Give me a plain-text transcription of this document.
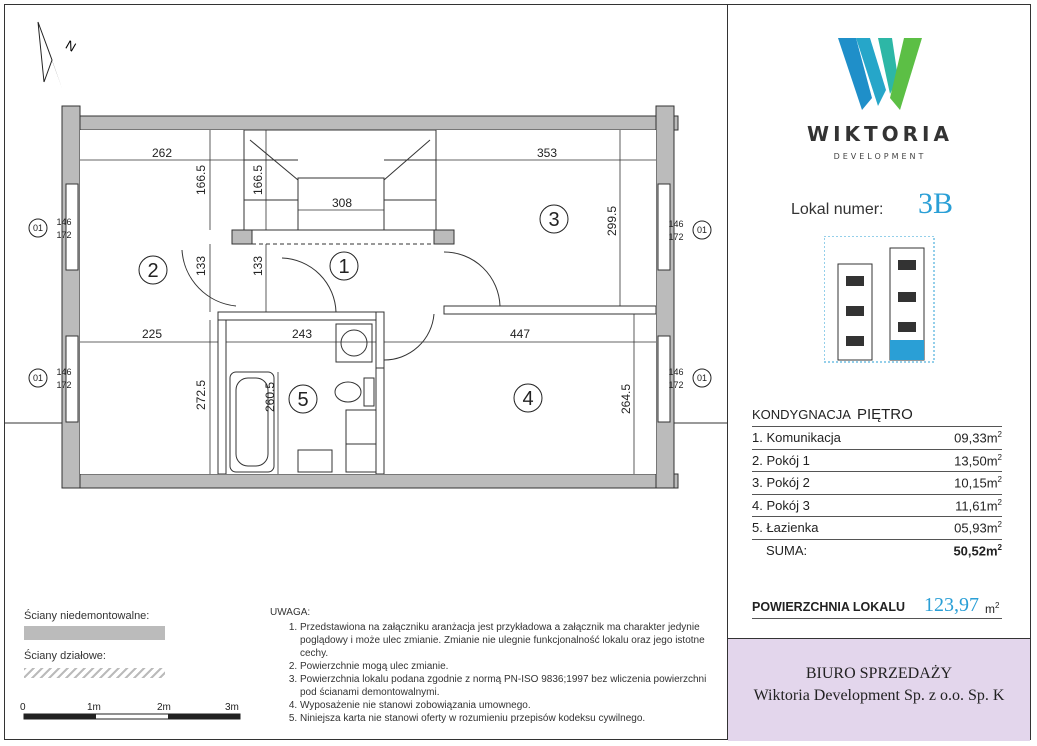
N
262	353
308
166.5	166.5
299.5
133	133
225	243	447
272.5	260.5	264.5
1
2
3
4
5
01
01
01
01
146
172
146
172
146
172
146
172
Ściany niedemontowalne:
Ściany działowe:
0	1m	2m	3m
UWAGA:
1. Przedstawiona na załączniku aranżacja jest przykładowa a załącznik ma charakter jedynie poglądowy i może ulec zmianie. Zmianie nie ulegnie funkcjonalność lokalu oraz jego istotne cechy.
2. Powierzchnie mogą ulec zmianie.
3. Powierzchnia lokalu podana zgodnie z normą PN-ISO 9836;1997 bez wliczenia powierzchni pod ścianami demontowalnymi.
4. Wyposażenie nie stanowi zobowiązania umownego.
5. Niniejsza karta nie stanowi oferty w rozumieniu przepisów kodeksu cywilnego.
WIKTORIA
DEVELOPMENT
Lokal numer: 3B
KONDYGNACJA PIĘTRO
1. Komunikacja	$09,33m^2$
2. Pokój 1	$13,50m^2$
3. Pokój 2	$10,15m^2$
4. Pokój 3	$11,61m^2$
5. Łazienka	$05,93m^2$
SUMA:	$50,52m^2$
POWIERZCHNIA LOKALU 123,97 $m^2$
BIURO SPRZEDAŻY
Wiktoria Development Sp. z o.o. Sp. K
